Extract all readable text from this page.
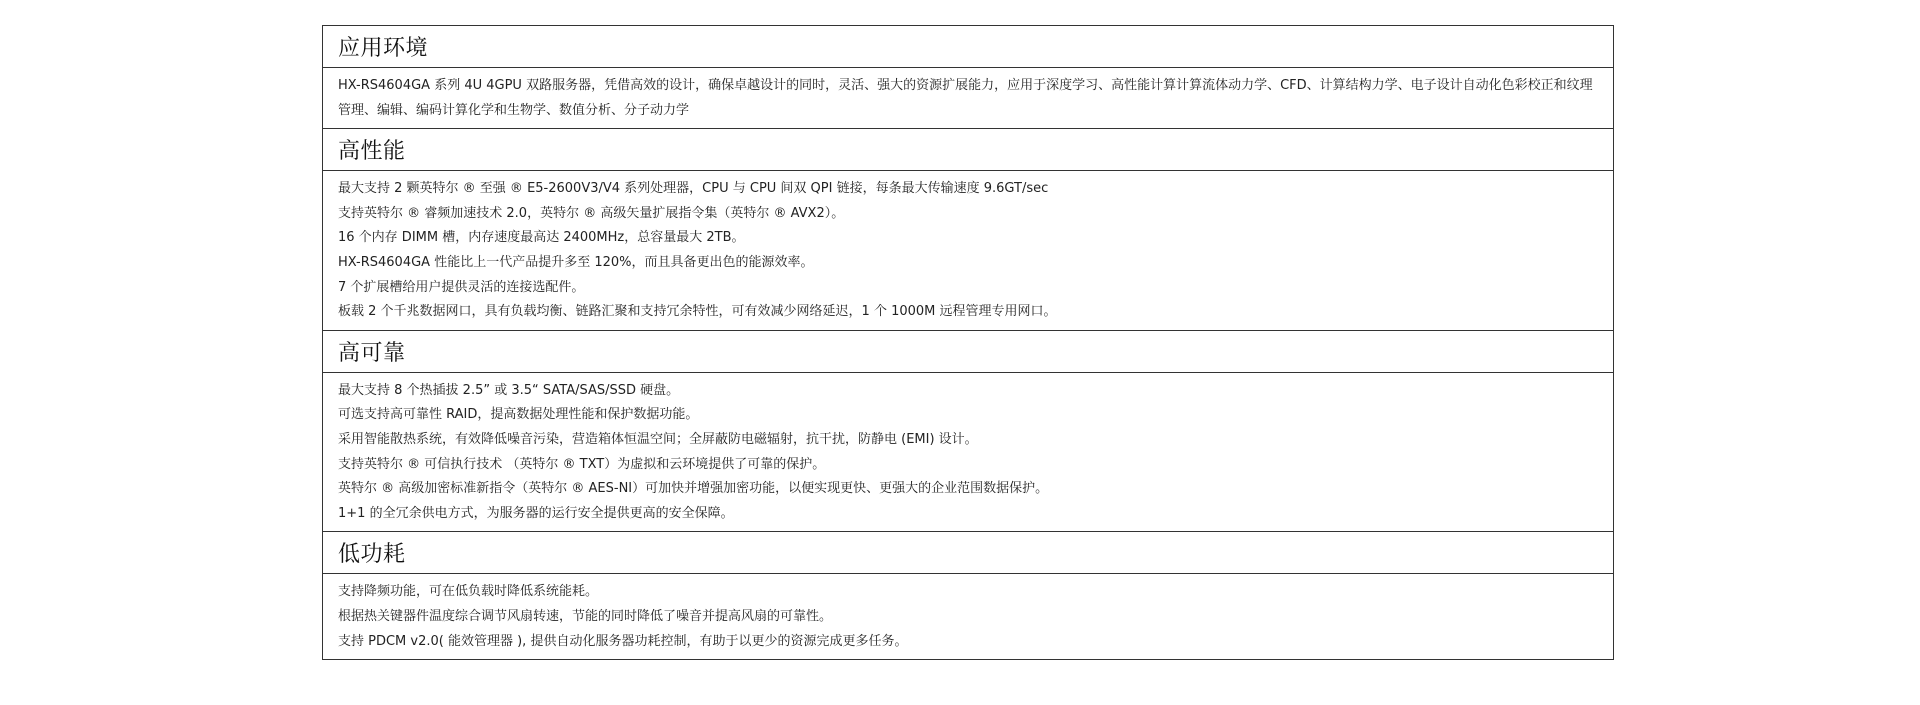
应用环境
HX-RS4604GA 系列 4U 4GPU 双路服务器，凭借高效的设计，确保卓越设计的同时，灵活、强大的资源扩展能力，应用于深度学习、高性能计算计算流体动力学、CFD、计算结构力学、电子设计自动化色彩校正和纹理管理、编辑、编码计算化学和生物学、数值分析、分子动力学
高性能
最大支持 2 颗英特尔 ® 至强 ® E5-2600V3/V4 系列处理器，CPU 与 CPU 间双 QPI 链接，每条最大传输速度 9.6GT/sec
支持英特尔 ® 睿频加速技术 2.0，英特尔 ® 高级矢量扩展指令集（英特尔 ® AVX2）。
16 个内存 DIMM 槽，内存速度最高达 2400MHz，总容量最大 2TB。
HX-RS4604GA 性能比上一代产品提升多至 120%，而且具备更出色的能源效率。
7 个扩展槽给用户提供灵活的连接选配件。
板载 2 个千兆数据网口，具有负载均衡、链路汇聚和支持冗余特性，可有效减少网络延迟，1 个 1000M 远程管理专用网口。
高可靠
最大支持 8 个热插拔 2.5” 或 3.5“ SATA/SAS/SSD 硬盘。
可选支持高可靠性 RAID，提高数据处理性能和保护数据功能。
采用智能散热系统，有效降低噪音污染，营造箱体恒温空间；全屏蔽防电磁辐射，抗干扰，防静电 (EMI) 设计。
支持英特尔 ® 可信执行技术 （英特尔 ® TXT）为虚拟和云环境提供了可靠的保护。
英特尔 ® 高级加密标准新指令（英特尔 ® AES-NI）可加快并增强加密功能，以便实现更快、更强大的企业范围数据保护。
1+1 的全冗余供电方式，为服务器的运行安全提供更高的安全保障。
低功耗
支持降频功能，可在低负载时降低系统能耗。
根据热关键器件温度综合调节风扇转速，节能的同时降低了噪音并提高风扇的可靠性。
支持 PDCM v2.0( 能效管理器 ), 提供自动化服务器功耗控制，有助于以更少的资源完成更多任务。
